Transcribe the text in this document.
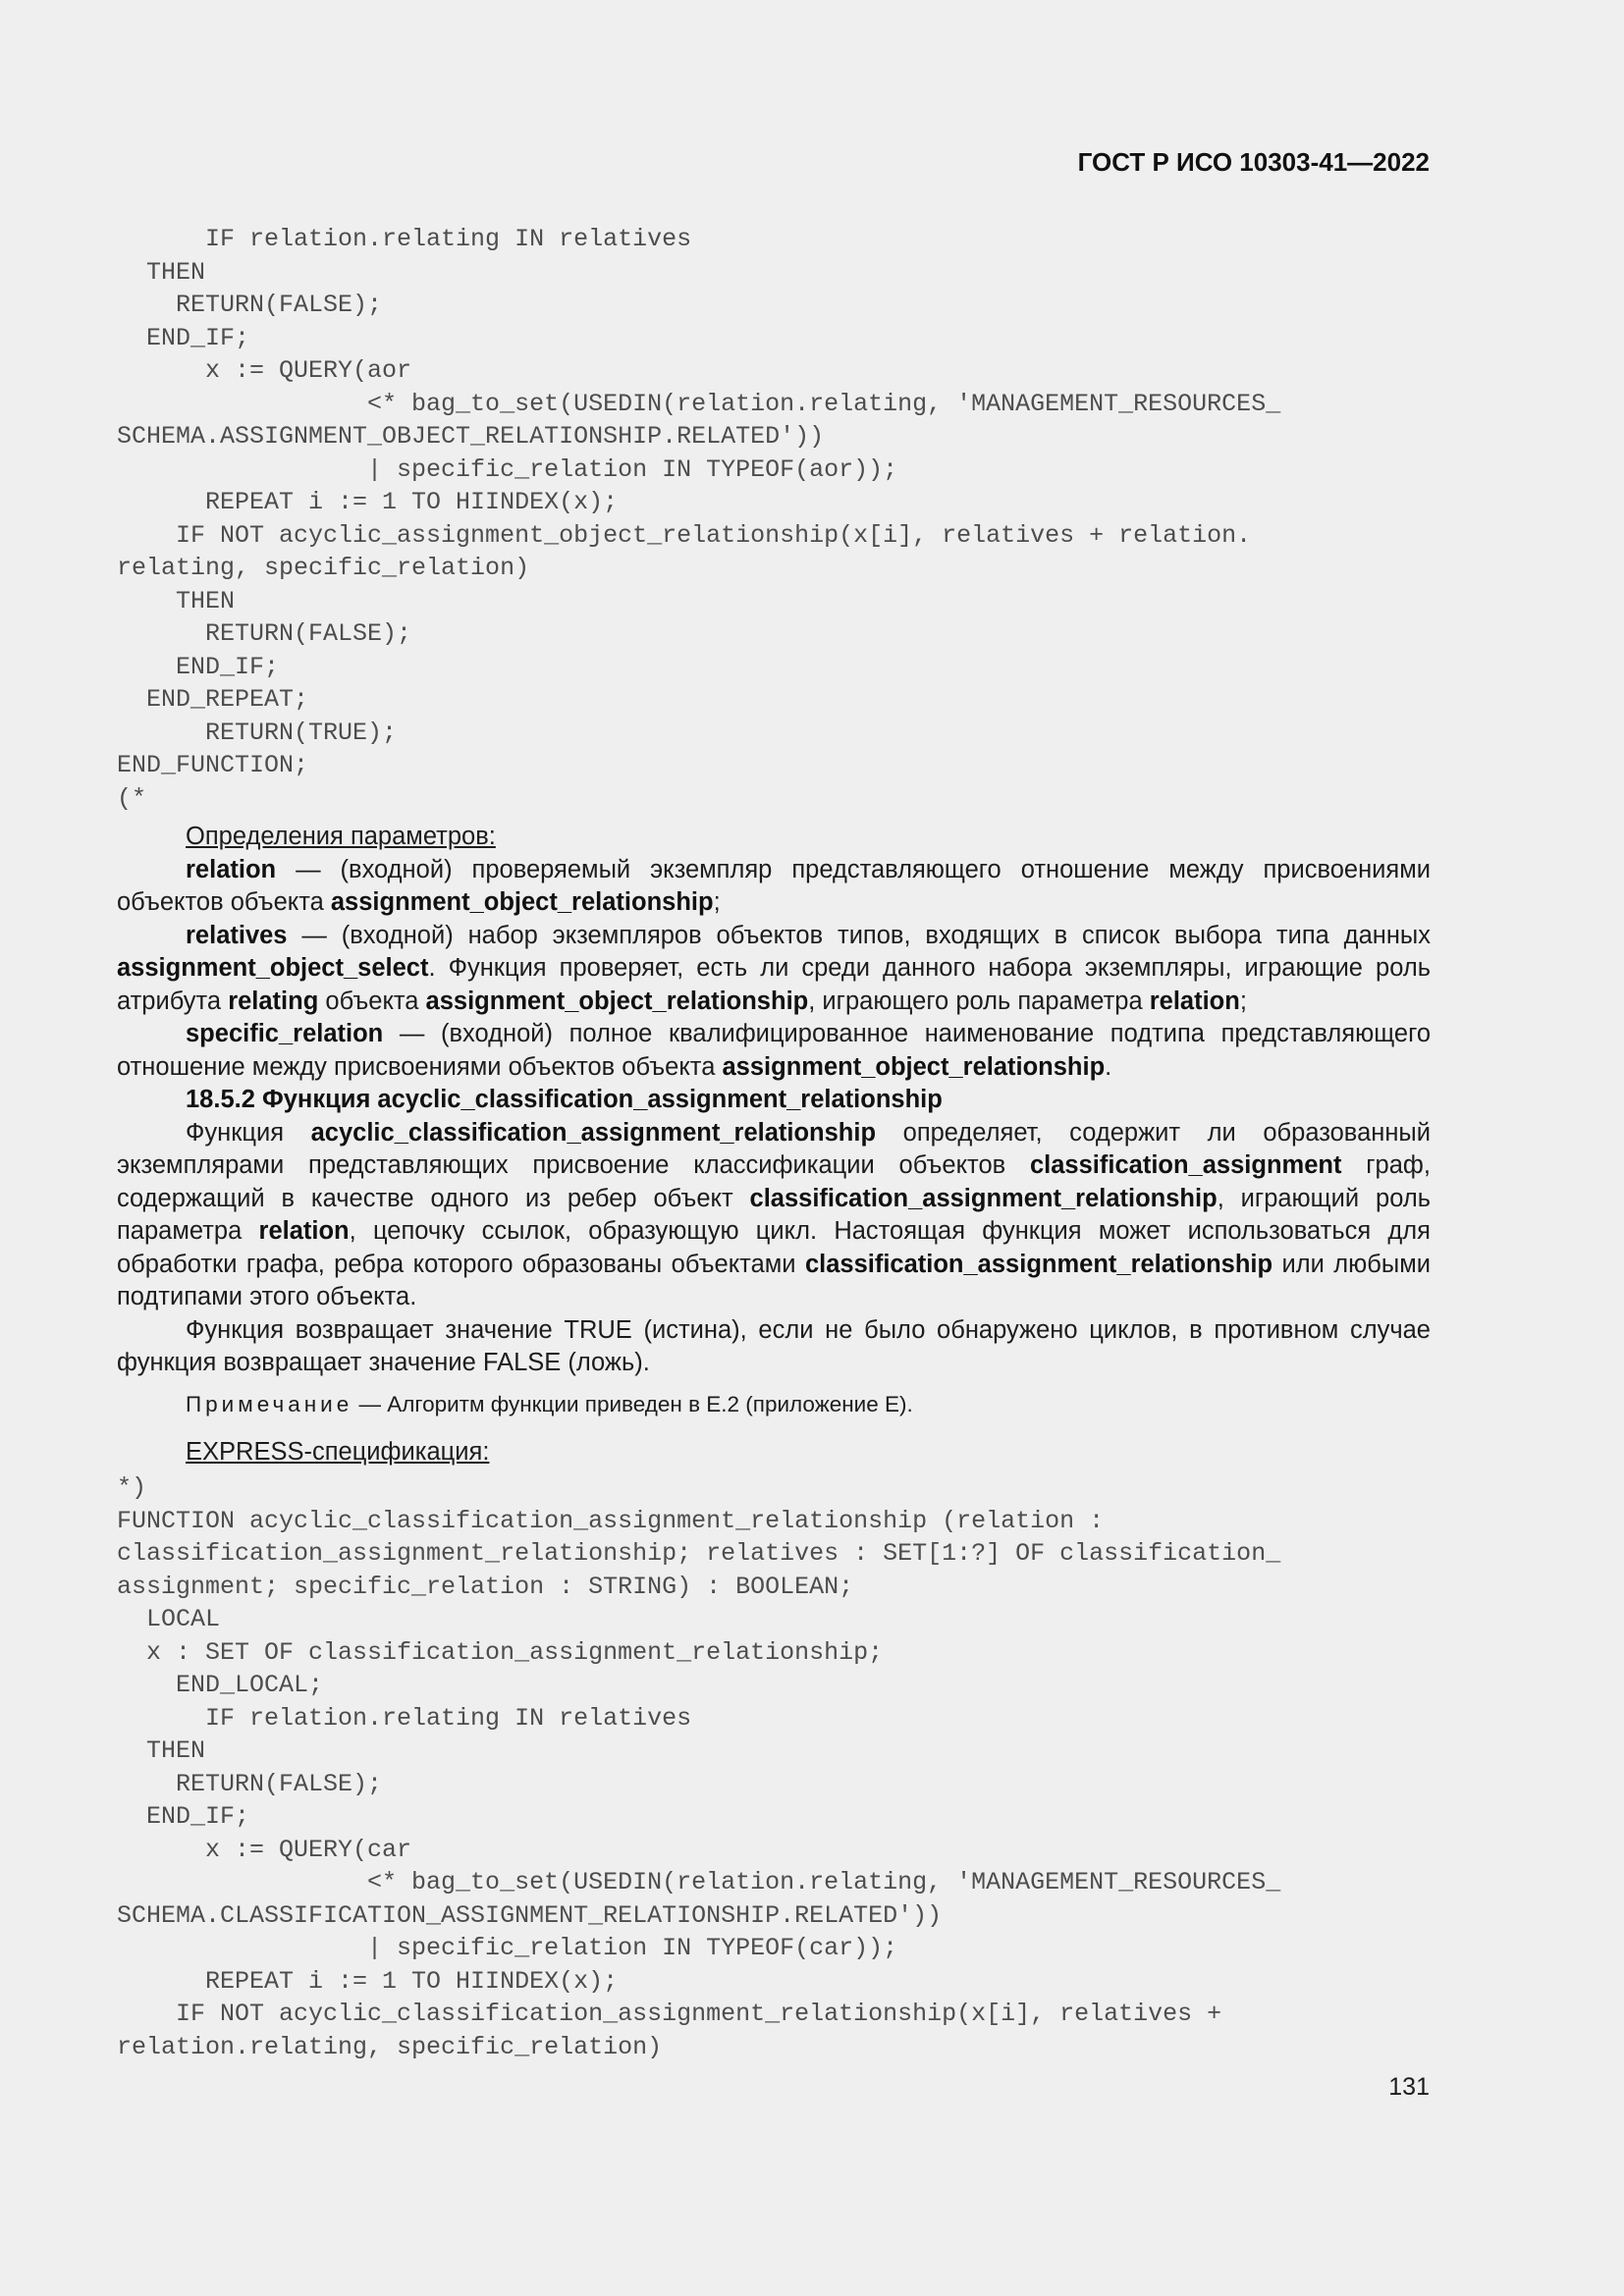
ГОСТ Р ИСО 10303-41—2022
IF relation.relating IN relatives
THEN
RETURN(FALSE);
END_IF;
x := QUERY(aor
<* bag_to_set(USEDIN(relation.relating, 'MANAGEMENT_RESOURCES_
SCHEMA.ASSIGNMENT_OBJECT_RELATIONSHIP.RELATED'))
| specific_relation IN TYPEOF(aor));
REPEAT i := 1 TO HIINDEX(x);
IF NOT acyclic_assignment_object_relationship(x[i], relatives + relation.
relating, specific_relation)
THEN
RETURN(FALSE);
END_IF;
END_REPEAT;
RETURN(TRUE);
END_FUNCTION;
(*

Определения параметров:

relation — (входной) проверяемый экземпляр представляющего отношение между присвоениями объектов объекта assignment_object_relationship;

relatives — (входной) набор экземпляров объектов типов, входящих в список выбора типа данных assignment_object_select. Функция проверяет, есть ли среди данного набора экземпляры, играющие роль атрибута relating объекта assignment_object_relationship, играющего роль параметра relation;

specific_relation — (входной) полное квалифицированное наименование подтипа представляющего отношение между присвоениями объектов объекта assignment_object_relationship.

18.5.2 Функция acyclic_classification_assignment_relationship

Функция acyclic_classification_assignment_relationship определяет, содержит ли образованный экземплярами представляющих присвоение классификации объектов classification_assignment граф, содержащий в качестве одного из ребер объект classification_assignment_relationship, играющий роль параметра relation, цепочку ссылок, образующую цикл. Настоящая функция может использоваться для обработки графа, ребра которого образованы объектами classification_assignment_relationship или любыми подтипами этого объекта.

Функция возвращает значение TRUE (истина), если не было обнаружено циклов, в противном случае функция возвращает значение FALSE (ложь).

Примечание — Алгоритм функции приведен в Е.2 (приложение Е).

EXPRESS-спецификация:

*)
FUNCTION acyclic_classification_assignment_relationship (relation :
classification_assignment_relationship; relatives : SET[1:?] OF classification_
assignment; specific_relation : STRING) : BOOLEAN;
LOCAL
x : SET OF classification_assignment_relationship;
END_LOCAL;
IF relation.relating IN relatives
THEN
RETURN(FALSE);
END_IF;
x := QUERY(car
<* bag_to_set(USEDIN(relation.relating, 'MANAGEMENT_RESOURCES_
SCHEMA.CLASSIFICATION_ASSIGNMENT_RELATIONSHIP.RELATED'))
| specific_relation IN TYPEOF(car));
REPEAT i := 1 TO HIINDEX(x);
IF NOT acyclic_classification_assignment_relationship(x[i], relatives +
relation.relating, specific_relation)
131
